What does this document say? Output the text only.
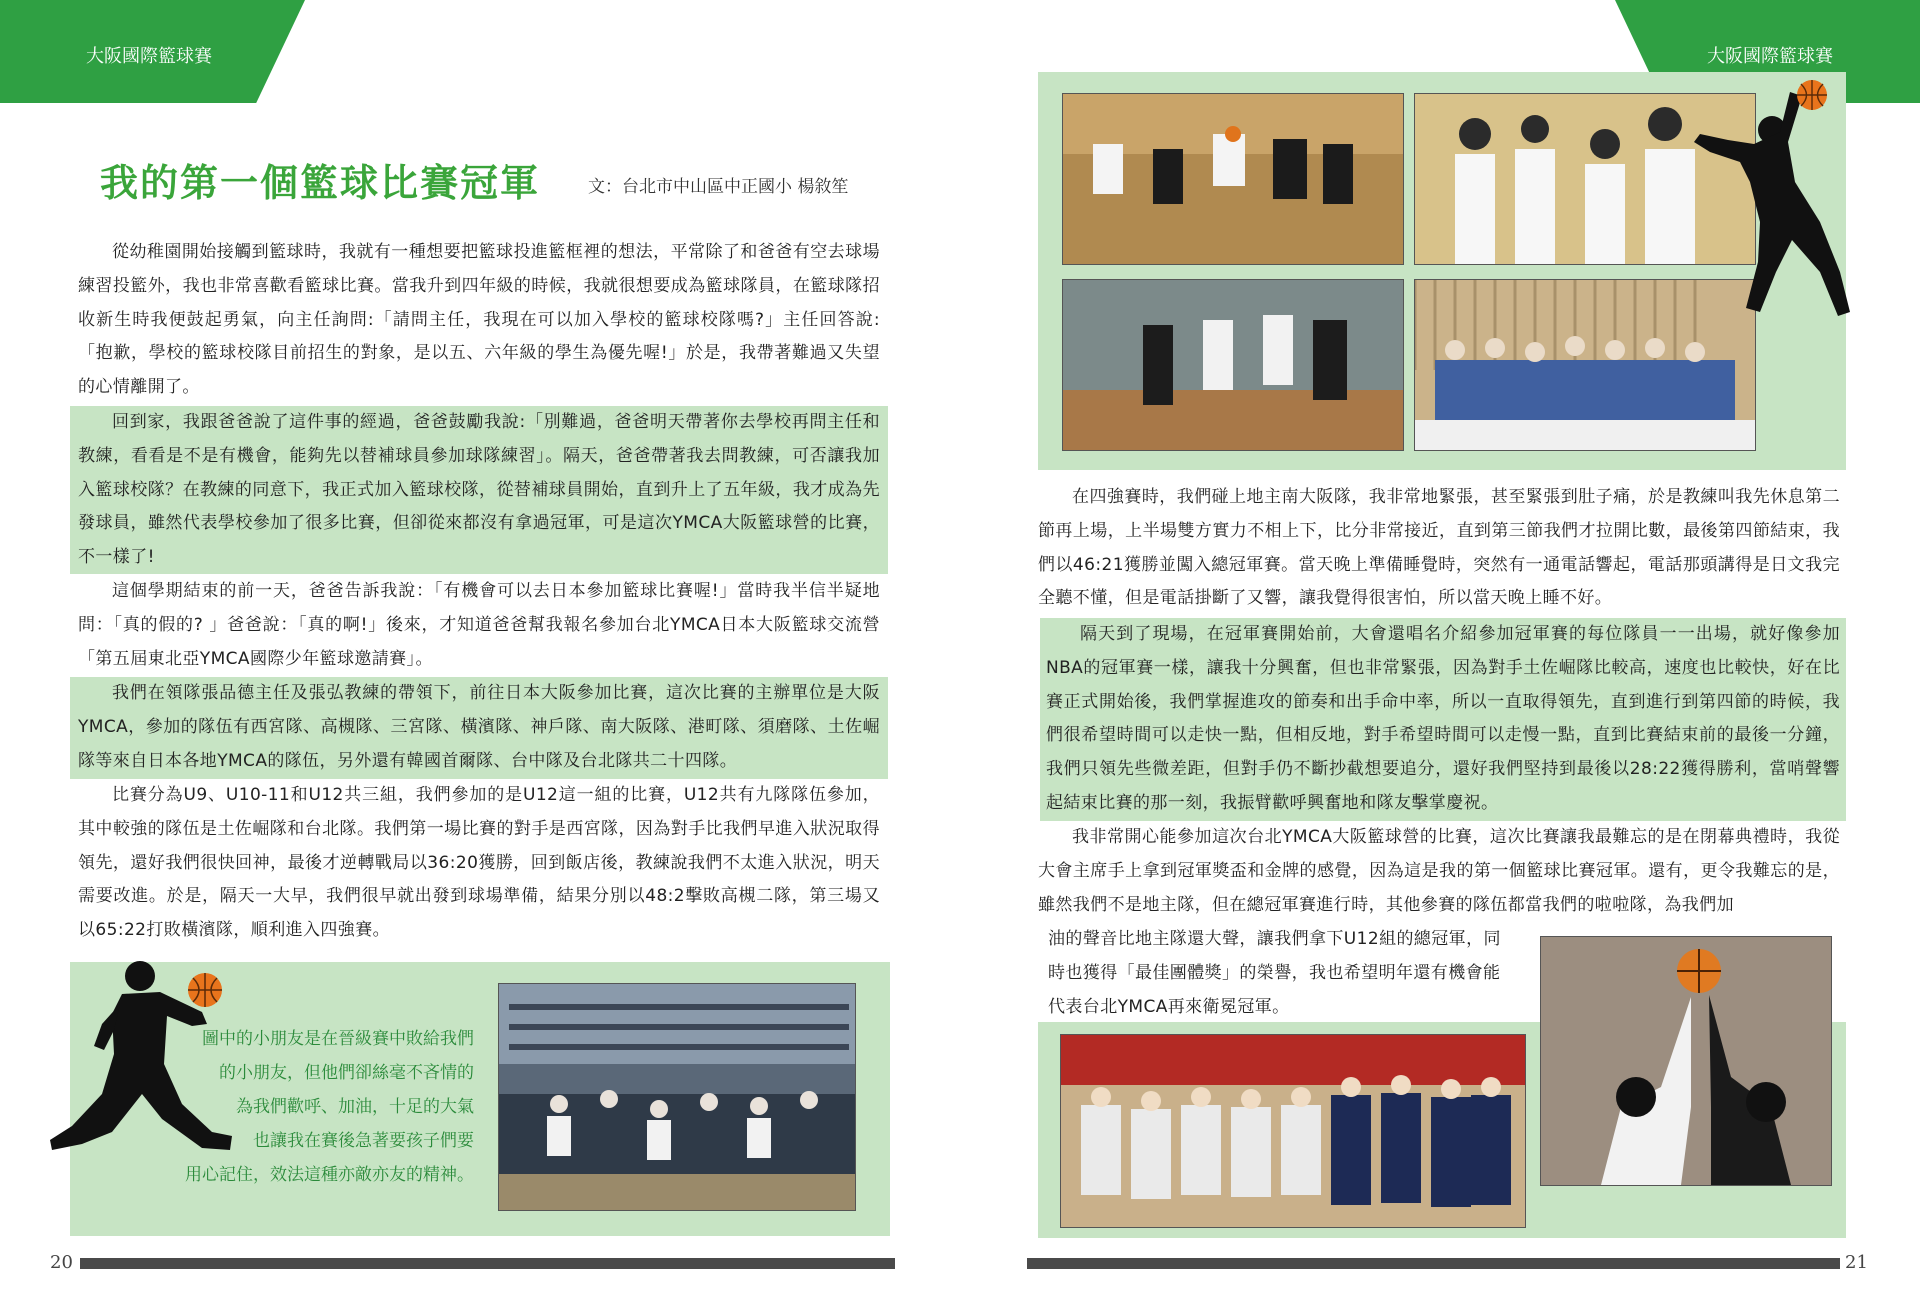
大阪國際籃球賽	大阪國際籃球賽
我的第一個籃球比賽冠軍	文：台北市中山區中正國小 楊敘笙

從幼稚園開始接觸到籃球時，我就有一種想要把籃球投進籃框裡的想法，平常除了和爸爸有空去球場練習投籃外，我也非常喜歡看籃球比賽。當我升到四年級的時候，我就很想要成為籃球隊員，在籃球隊招收新生時我便鼓起勇氣，向主任詢問:「請問主任，我現在可以加入學校的籃球校隊嗎?」主任回答說:「抱歉，學校的籃球校隊目前招生的對象，是以五、六年級的學生為優先喔!」於是，我帶著難過又失望的心情離開了。

回到家，我跟爸爸說了這件事的經過，爸爸鼓勵我說:「別難過，爸爸明天帶著你去學校再問主任和教練，看看是不是有機會，能夠先以替補球員參加球隊練習」。隔天，爸爸帶著我去問教練，可否讓我加入籃球校隊？在教練的同意下，我正式加入籃球校隊，從替補球員開始，直到升上了五年級，我才成為先發球員，雖然代表學校參加了很多比賽，但卻從來都沒有拿過冠軍，可是這次YMCA大阪籃球營的比賽，不一樣了!

這個學期結束的前一天，爸爸告訴我說：「有機會可以去日本參加籃球比賽喔!」當時我半信半疑地問：「真的假的? 」爸爸說：「真的啊!」後來，才知道爸爸幫我報名參加台北YMCA日本大阪籃球交流營「第五屆東北亞YMCA國際少年籃球邀請賽」。

我們在領隊張品德主任及張弘教練的帶領下，前往日本大阪參加比賽，這次比賽的主辦單位是大阪YMCA，參加的隊伍有西宮隊、高槻隊、三宮隊、橫濱隊、神戶隊、南大阪隊、港町隊、須磨隊、土佐崛隊等來自日本各地YMCA的隊伍，另外還有韓國首爾隊、台中隊及台北隊共二十四隊。

比賽分為U9、U10-11和U12共三組，我們參加的是U12這一組的比賽，U12共有九隊隊伍參加，其中較強的隊伍是土佐崛隊和台北隊。我們第一場比賽的對手是西宮隊，因為對手比我們早進入狀況取得領先，還好我們很快回神，最後才逆轉戰局以36:20獲勝，回到飯店後，教練說我們不太進入狀況，明天需要改進。於是，隔天一大早，我們很早就出發到球場準備，結果分別以48:2擊敗高槻二隊，第三場又以65:22打敗橫濱隊，順利進入四強賽。

圖中的小朋友是在晉級賽中敗給我們
的小朋友，但他們卻絲毫不吝情的
為我們歡呼、加油，十足的大氣
也讓我在賽後急著要孩子們要
用心記住，效法這種亦敵亦友的精神。
20

在四強賽時，我們碰上地主南大阪隊，我非常地緊張，甚至緊張到肚子痛，於是教練叫我先休息第二節再上場，上半場雙方實力不相上下，比分非常接近，直到第三節我們才拉開比數，最後第四節結束，我們以46:21獲勝並闖入總冠軍賽。當天晚上準備睡覺時，突然有一通電話響起，電話那頭講得是日文我完全聽不懂，但是電話掛斷了又響，讓我覺得很害怕，所以當天晚上睡不好。

隔天到了現場，在冠軍賽開始前，大會還唱名介紹參加冠軍賽的每位隊員一一出場，就好像參加NBA的冠軍賽一樣，讓我十分興奮，但也非常緊張，因為對手土佐崛隊比較高，速度也比較快，好在比賽正式開始後，我們掌握進攻的節奏和出手命中率，所以一直取得領先，直到進行到第四節的時候，我們很希望時間可以走快一點，但相反地，對手希望時間可以走慢一點，直到比賽結束前的最後一分鐘，我們只領先些微差距，但對手仍不斷抄截想要追分，還好我們堅持到最後以28:22獲得勝利，當哨聲響起結束比賽的那一刻，我振臂歡呼興奮地和隊友擊掌慶祝。

我非常開心能參加這次台北YMCA大阪籃球營的比賽，這次比賽讓我最難忘的是在閉幕典禮時，我從大會主席手上拿到冠軍獎盃和金牌的感覺，因為這是我的第一個籃球比賽冠軍。還有，更令我難忘的是，雖然我們不是地主隊，但在總冠軍賽進行時，其他參賽的隊伍都當我們的啦啦隊，為我們加

油的聲音比地主隊還大聲，讓我們拿下U12組的總冠軍，同
時也獲得「最佳團體獎」的榮譽，我也希望明年還有機會能
代表台北YMCA再來衛冕冠軍。
21
